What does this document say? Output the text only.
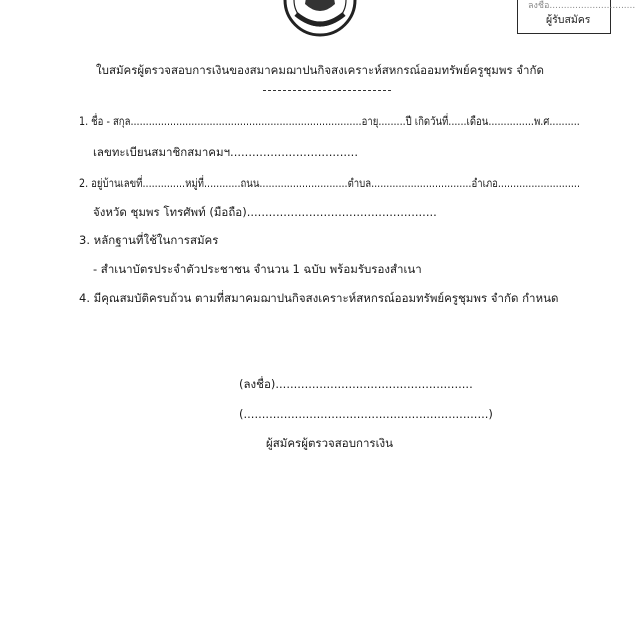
ลงชื่อ..............................
ผู้รับสมัคร
ใบสมัครผู้ตรวจสอบการเงินของสมาคมฌาปนกิจสงเคราะห์สหกรณ์ออมทรัพย์ครูชุมพร จำกัด
1. ชื่อ - สกุล............................................................................อายุ.........ปี เกิดวันที่......เดือน...............พ.ศ..........
เลขทะเบียนสมาชิกสมาคมฯ...................................
2. อยู่บ้านเลขที่..............หมู่ที่............ถนน.............................ตำบล.................................อำเภอ...........................
จังหวัด ชุมพร โทรศัพท์ (มือถือ)....................................................
3. หลักฐานที่ใช้ในการสมัคร
- สำเนาบัตรประจำตัวประชาชน จำนวน 1 ฉบับ พร้อมรับรองสำเนา
4. มีคุณสมบัติครบถ้วน ตามที่สมาคมฌาปนกิจสงเคราะห์สหกรณ์ออมทรัพย์ครูชุมพร จำกัด กำหนด
(ลงชื่อ)......................................................
(...................................................................)
ผู้สมัครผู้ตรวจสอบการเงิน
